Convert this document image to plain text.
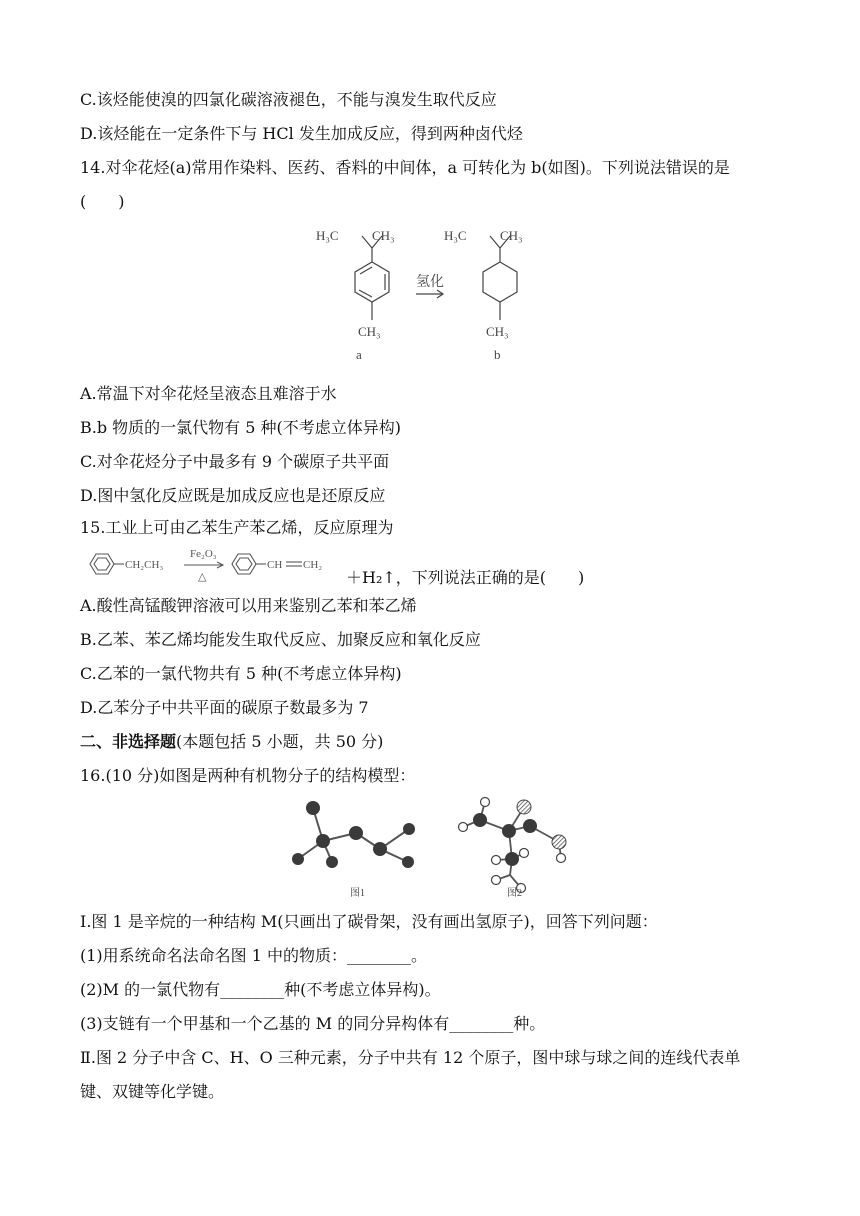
C.该烃能使溴的四氯化碳溶液褪色，不能与溴发生取代反应
D.该烃能在一定条件下与 HCl 发生加成反应，得到两种卤代烃
14.对伞花烃(a)常用作染料、医药、香料的中间体，a 可转化为 b(如图)。下列说法错误的是
(　　)
H₃C	CH₃
CH₃
氢化
H₃C	CH₃
CH₃
a	b
A.常温下对伞花烃呈液态且难溶于水
B.b 物质的一氯代物有 5 种(不考虑立体异构)
C.对伞花烃分子中最多有 9 个碳原子共平面
D.图中氢化反应既是加成反应也是还原反应
15.工业上可由乙苯生产苯乙烯，反应原理为
CH₂CH₃
Fe₂O₃
△
CH CH₂
＋H₂↑，下列说法正确的是(　　)
A.酸性高锰酸钾溶液可以用来鉴别乙苯和苯乙烯
B.乙苯、苯乙烯均能发生取代反应、加聚反应和氧化反应
C.乙苯的一氯代物共有 5 种(不考虑立体异构)
D.乙苯分子中共平面的碳原子数最多为 7
二、非选择题(本题包括 5 小题，共 50 分)
16.(10 分)如图是两种有机物分子的结构模型：
图1	图2
Ⅰ.图 1 是辛烷的一种结构 M(只画出了碳骨架，没有画出氢原子)，回答下列问题：
(1)用系统命名法命名图 1 中的物质：________。
(2)M 的一氯代物有________种(不考虑立体异构)。
(3)支链有一个甲基和一个乙基的 M 的同分异构体有________种。
Ⅱ.图 2 分子中含 C、H、O 三种元素，分子中共有 12 个原子，图中球与球之间的连线代表单
键、双键等化学键。
